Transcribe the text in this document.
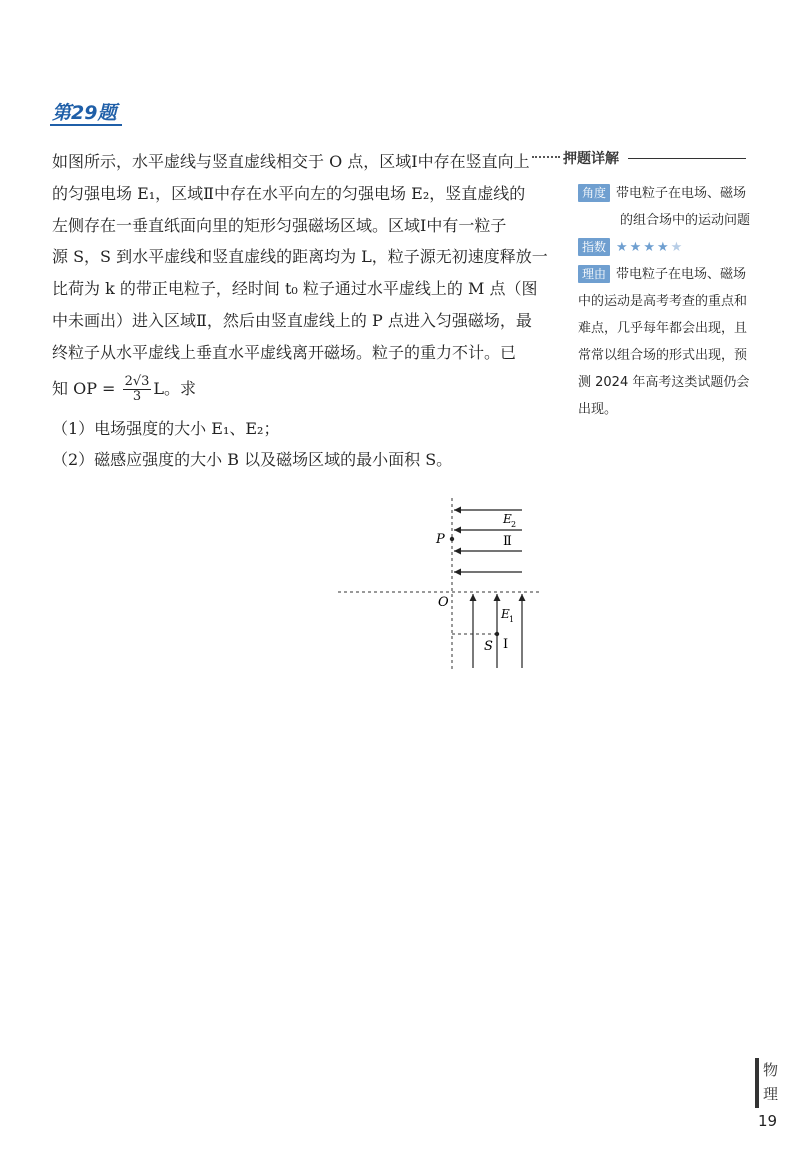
第29题
如图所示，水平虚线与竖直虚线相交于 O 点，区域Ⅰ中存在竖直向上
的匀强电场 E₁，区域Ⅱ中存在水平向左的匀强电场 E₂，竖直虚线的
左侧存在一垂直纸面向里的矩形匀强磁场区域。区域Ⅰ中有一粒子
源 S，S 到水平虚线和竖直虚线的距离均为 L，粒子源无初速度释放一
比荷为 k 的带正电粒子，经时间 t₀ 粒子通过水平虚线上的 M 点（图
中未画出）进入区域Ⅱ，然后由竖直虚线上的 P 点进入匀强磁场，最
终粒子从水平虚线上垂直水平虚线离开磁场。粒子的重力不计。已
知 OP = $\frac{2√3}{3}$ L。求
（1）电场强度的大小 E₁、E₂；
（2）磁感应强度的大小 B 以及磁场区域的最小面积 S。
押题详解
角度 带电粒子在电场、磁场
的组合场中的运动问题
指数 ★★★★★
理由 带电粒子在电场、磁场
中的运动是高考考查的重点和
难点，几乎每年都会出现，且
常常以组合场的形式出现，预
测 2024 年高考这类试题仍会
出现。
E 2
Ⅱ
P
O
E 1
S Ⅰ
物
理
19
